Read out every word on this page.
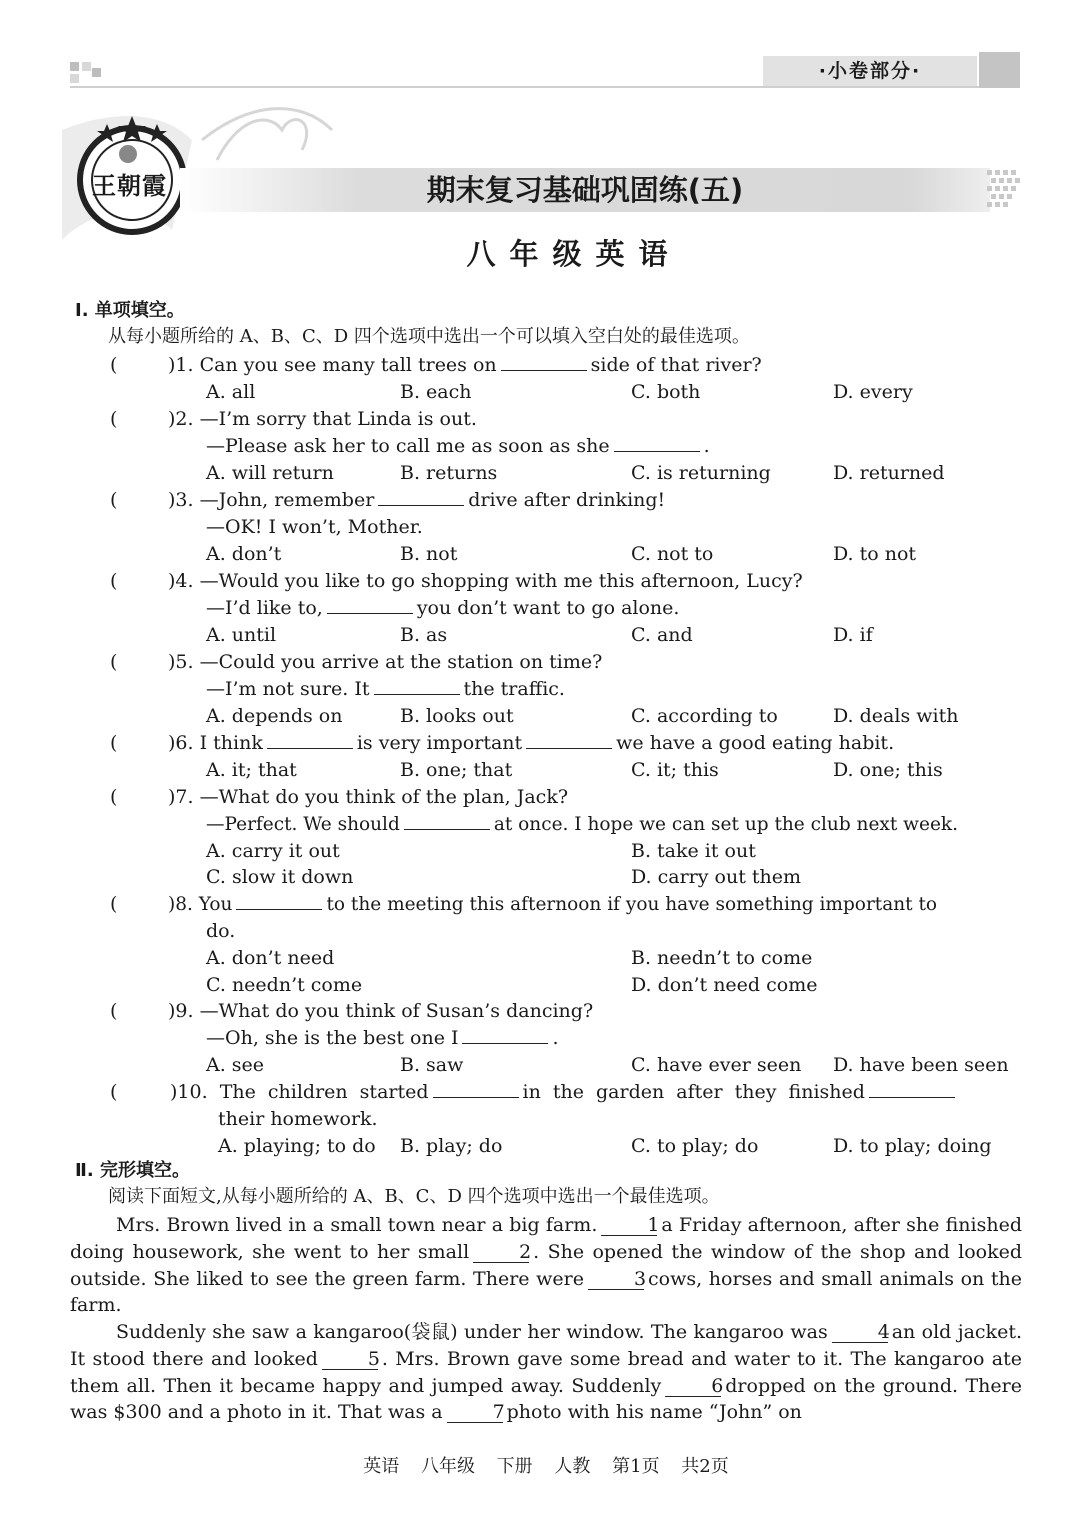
·小卷部分·
王朝霞	期末复习基础巩固练(五)
八年级英语
Ⅰ. 单项填空。
从每小题所给的 A、B、C、D 四个选项中选出一个可以填入空白处的最佳选项。
(	)1. Can you see many tall trees on	side of that river?
A. all	B. each	C. both	D. every
(	)2. —I’m sorry that Linda is out.
—Please ask her to call me as soon as she	.
A. will return	B. returns	C. is returning	D. returned
(	)3. —John, remember	drive after drinking!
—OK! I won’t, Mother.
A. don’t	B. not	C. not to	D. to not
(	)4. —Would you like to go shopping with me this afternoon, Lucy?
—I’d like to,	you don’t want to go alone.
A. until	B. as	C. and	D. if
(	)5. —Could you arrive at the station on time?
—I’m not sure. It	the traffic.
A. depends on	B. looks out	C. according to	D. deals with
(	)6. I think	is very important	we have a good eating habit.
A. it; that	B. one; that	C. it; this	D. one; this
(	)7. —What do you think of the plan, Jack?
—Perfect. We should	at once. I hope we can set up the club next week.
A. carry it out	B. take it out
C. slow it down	D. carry out them
(	)8. You	to the meeting this afternoon if you have something important to
do.
A. don’t need	B. needn’t to come
C. needn’t come	D. don’t need come
(	)9. —What do you think of Susan’s dancing?
—Oh, she is the best one I	.
A. see	B. saw	C. have ever seen D. have been seen
(	)10. The children started	in the garden after they finished
their homework.
A. playing; to do B. play; do	C. to play; do	D. to play; doing
Ⅱ. 完形填空。
阅读下面短文,从每小题所给的 A、B、C、D 四个选项中选出一个最佳选项。
Mrs. Brown lived in a small town near a big farm.	1 a Friday afternoon, after she finished doing housework, she went to her small	2 . She opened the window of the shop and looked outside. She liked to see the green farm. There were	3 cows, horses and small animals on the farm.
Suddenly she saw a kangaroo(袋鼠) under her window. The kangaroo was	4 an old jacket. It stood there and looked	5 . Mrs. Brown gave some bread and water to it. The kangaroo ate them all. Then it became happy and jumped away. Suddenly	6 dropped on the ground. There was $300 and a photo in it. That was a	7 photo with his name “John” on
英语 八年级 下册 人教 第1页 共2页
